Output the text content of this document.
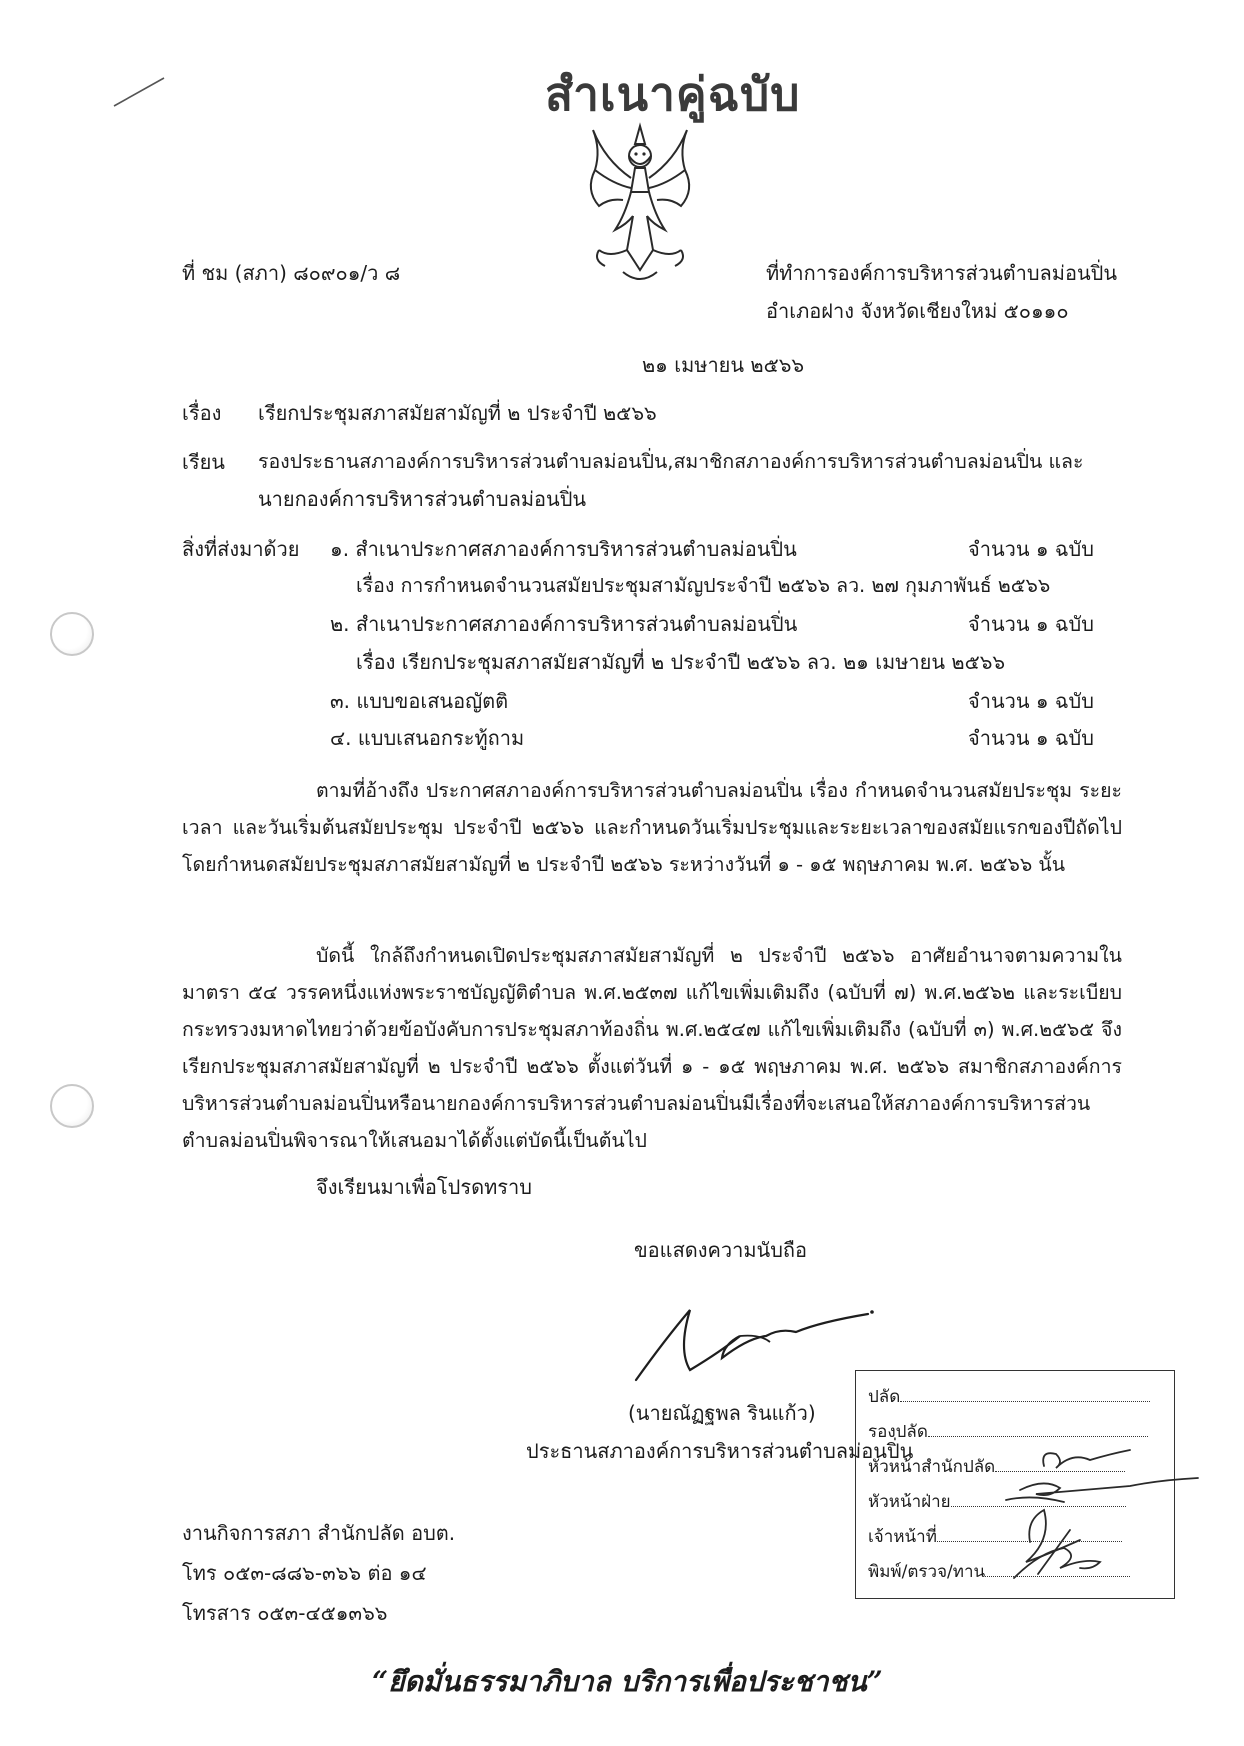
สำเนาคู่ฉบับ
ที่ ชม (สภา) ๘๐๙๐๑/ว ๘	ที่ทำการองค์การบริหารส่วนตำบลม่อนปิ่น
อำเภอฝาง จังหวัดเชียงใหม่ ๕๐๑๑๐
๒๑ เมษายน ๒๕๖๖
เรื่อง เรียกประชุมสภาสมัยสามัญที่ ๒ ประจำปี ๒๕๖๖
เรียน รองประธานสภาองค์การบริหารส่วนตำบลม่อนปิ่น,สมาชิกสภาองค์การบริหารส่วนตำบลม่อนปิ่น และ
นายกองค์การบริหารส่วนตำบลม่อนปิ่น
สิ่งที่ส่งมาด้วย ๑. สำเนาประกาศสภาองค์การบริหารส่วนตำบลม่อนปิ่น	จำนวน ๑ ฉบับ
เรื่อง การกำหนดจำนวนสมัยประชุมสามัญประจำปี ๒๕๖๖ ลว. ๒๗ กุมภาพันธ์ ๒๕๖๖
๒. สำเนาประกาศสภาองค์การบริหารส่วนตำบลม่อนปิ่น	จำนวน ๑ ฉบับ
เรื่อง เรียกประชุมสภาสมัยสามัญที่ ๒ ประจำปี ๒๕๖๖ ลว. ๒๑ เมษายน ๒๕๖๖
๓. แบบขอเสนอญัตติ	จำนวน ๑ ฉบับ
๔. แบบเสนอกระทู้ถาม	จำนวน ๑ ฉบับ
ตามที่อ้างถึง ประกาศสภาองค์การบริหารส่วนตำบลม่อนปิ่น เรื่อง กำหนดจำนวนสมัยประชุม ระยะเวลา และวันเริ่มต้นสมัยประชุม ประจำปี ๒๕๖๖ และกำหนดวันเริ่มประชุมและระยะเวลาของสมัยแรกของปีถัดไป โดยกำหนดสมัยประชุมสภาสมัยสามัญที่ ๒ ประจำปี ๒๕๖๖ ระหว่างวันที่ ๑ - ๑๕ พฤษภาคม พ.ศ. ๒๕๖๖ นั้น
บัดนี้ ใกล้ถึงกำหนดเปิดประชุมสภาสมัยสามัญที่ ๒ ประจำปี ๒๕๖๖ อาศัยอำนาจตามความในมาตรา ๕๔ วรรคหนึ่งแห่งพระราชบัญญัติตำบล พ.ศ.๒๕๓๗ แก้ไขเพิ่มเติมถึง (ฉบับที่ ๗) พ.ศ.๒๕๖๒ และระเบียบกระทรวงมหาดไทยว่าด้วยข้อบังคับการประชุมสภาท้องถิ่น พ.ศ.๒๕๔๗ แก้ไขเพิ่มเติมถึง (ฉบับที่ ๓) พ.ศ.๒๕๖๕ จึงเรียกประชุมสภาสมัยสามัญที่ ๒ ประจำปี ๒๕๖๖ ตั้งแต่วันที่ ๑ - ๑๕ พฤษภาคม พ.ศ. ๒๕๖๖ สมาชิกสภาองค์การบริหารส่วนตำบลม่อนปิ่นหรือนายกองค์การบริหารส่วนตำบลม่อนปิ่นมีเรื่องที่จะเสนอให้สภาองค์การบริหารส่วนตำบลม่อนปิ่นพิจารณาให้เสนอมาได้ตั้งแต่บัดนี้เป็นต้นไป
จึงเรียนมาเพื่อโปรดทราบ
ขอแสดงความนับถือ
(นายณัฏฐพล รินแก้ว)
ประธานสภาองค์การบริหารส่วนตำบลม่อนปิ่น
ปลัด
รองปลัด
หัวหน้าสำนักปลัด
หัวหน้าฝ่าย
เจ้าหน้าที่
พิมพ์/ตรวจ/ทาน
งานกิจการสภา สำนักปลัด อบต.
โทร ๐๕๓-๘๘๖-๓๖๖ ต่อ ๑๔
โทรสาร ๐๕๓-๔๕๑๓๖๖
“ยึดมั่นธรรมาภิบาล บริการเพื่อประชาชน”
